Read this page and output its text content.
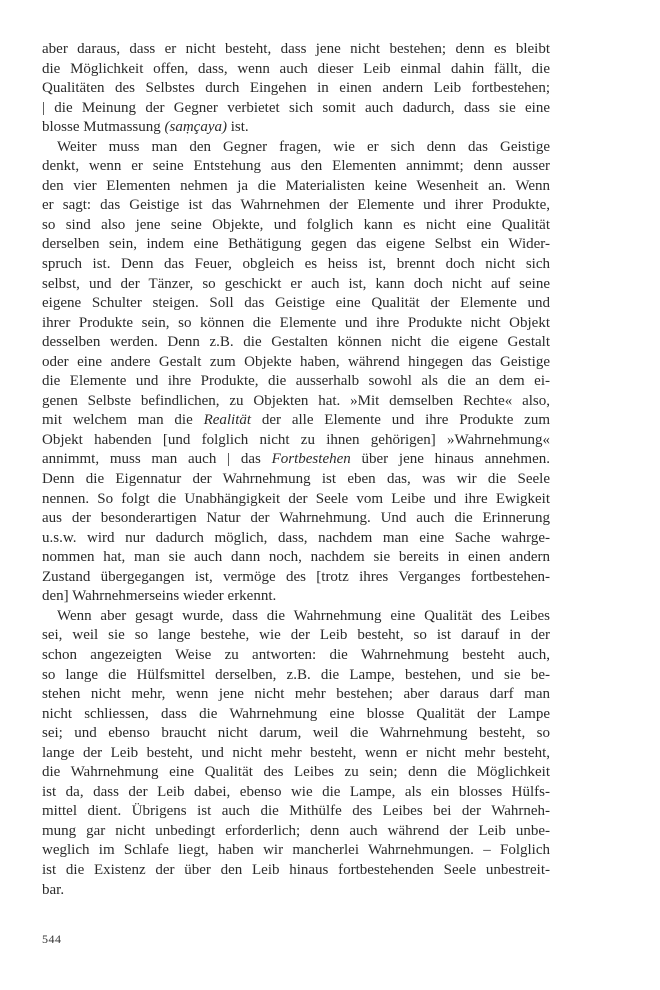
aber daraus, dass er nicht besteht, dass jene nicht bestehen; denn es bleibt
die Möglichkeit offen, dass, wenn auch dieser Leib einmal dahin fällt, die
Qualitäten des Selbstes durch Eingehen in einen andern Leib fortbestehen;
| die Meinung der Gegner verbietet sich somit auch dadurch, dass sie eine
blosse Mutmassung (saṃçaya) ist.
Weiter muss man den Gegner fragen, wie er sich denn das Geistige
denkt, wenn er seine Entstehung aus den Elementen annimmt; denn ausser
den vier Elementen nehmen ja die Materialisten keine Wesenheit an. Wenn
er sagt: das Geistige ist das Wahrnehmen der Elemente und ihrer Produkte,
so sind also jene seine Objekte, und folglich kann es nicht eine Qualität
derselben sein, indem eine Bethätigung gegen das eigene Selbst ein Wider-
spruch ist. Denn das Feuer, obgleich es heiss ist, brennt doch nicht sich
selbst, und der Tänzer, so geschickt er auch ist, kann doch nicht auf seine
eigene Schulter steigen. Soll das Geistige eine Qualität der Elemente und
ihrer Produkte sein, so können die Elemente und ihre Produkte nicht Objekt
desselben werden. Denn z.B. die Gestalten können nicht die eigene Gestalt
oder eine andere Gestalt zum Objekte haben, während hingegen das Geistige
die Elemente und ihre Produkte, die ausserhalb sowohl als die an dem ei-
genen Selbste befindlichen, zu Objekten hat. »Mit demselben Rechte« also,
mit welchem man die Realität der alle Elemente und ihre Produkte zum
Objekt habenden [und folglich nicht zu ihnen gehörigen] »Wahrnehmung«
annimmt, muss man auch | das Fortbestehen über jene hinaus annehmen.
Denn die Eigennatur der Wahrnehmung ist eben das, was wir die Seele
nennen. So folgt die Unabhängigkeit der Seele vom Leibe und ihre Ewigkeit
aus der besonderartigen Natur der Wahrnehmung. Und auch die Erinnerung
u.s.w. wird nur dadurch möglich, dass, nachdem man eine Sache wahrge-
nommen hat, man sie auch dann noch, nachdem sie bereits in einen andern
Zustand übergegangen ist, vermöge des [trotz ihres Verganges fortbestehen-
den] Wahrnehmerseins wieder erkennt.
Wenn aber gesagt wurde, dass die Wahrnehmung eine Qualität des Leibes
sei, weil sie so lange bestehe, wie der Leib besteht, so ist darauf in der
schon angezeigten Weise zu antworten: die Wahrnehmung besteht auch,
so lange die Hülfsmittel derselben, z.B. die Lampe, bestehen, und sie be-
stehen nicht mehr, wenn jene nicht mehr bestehen; aber daraus darf man
nicht schliessen, dass die Wahrnehmung eine blosse Qualität der Lampe
sei; und ebenso braucht nicht darum, weil die Wahrnehmung besteht, so
lange der Leib besteht, und nicht mehr besteht, wenn er nicht mehr besteht,
die Wahrnehmung eine Qualität des Leibes zu sein; denn die Möglichkeit
ist da, dass der Leib dabei, ebenso wie die Lampe, als ein blosses Hülfs-
mittel dient. Übrigens ist auch die Mithülfe des Leibes bei der Wahrneh-
mung gar nicht unbedingt erforderlich; denn auch während der Leib unbe-
weglich im Schlafe liegt, haben wir mancherlei Wahrnehmungen. – Folglich
ist die Existenz der über den Leib hinaus fortbestehenden Seele unbestreit-
bar.
544
